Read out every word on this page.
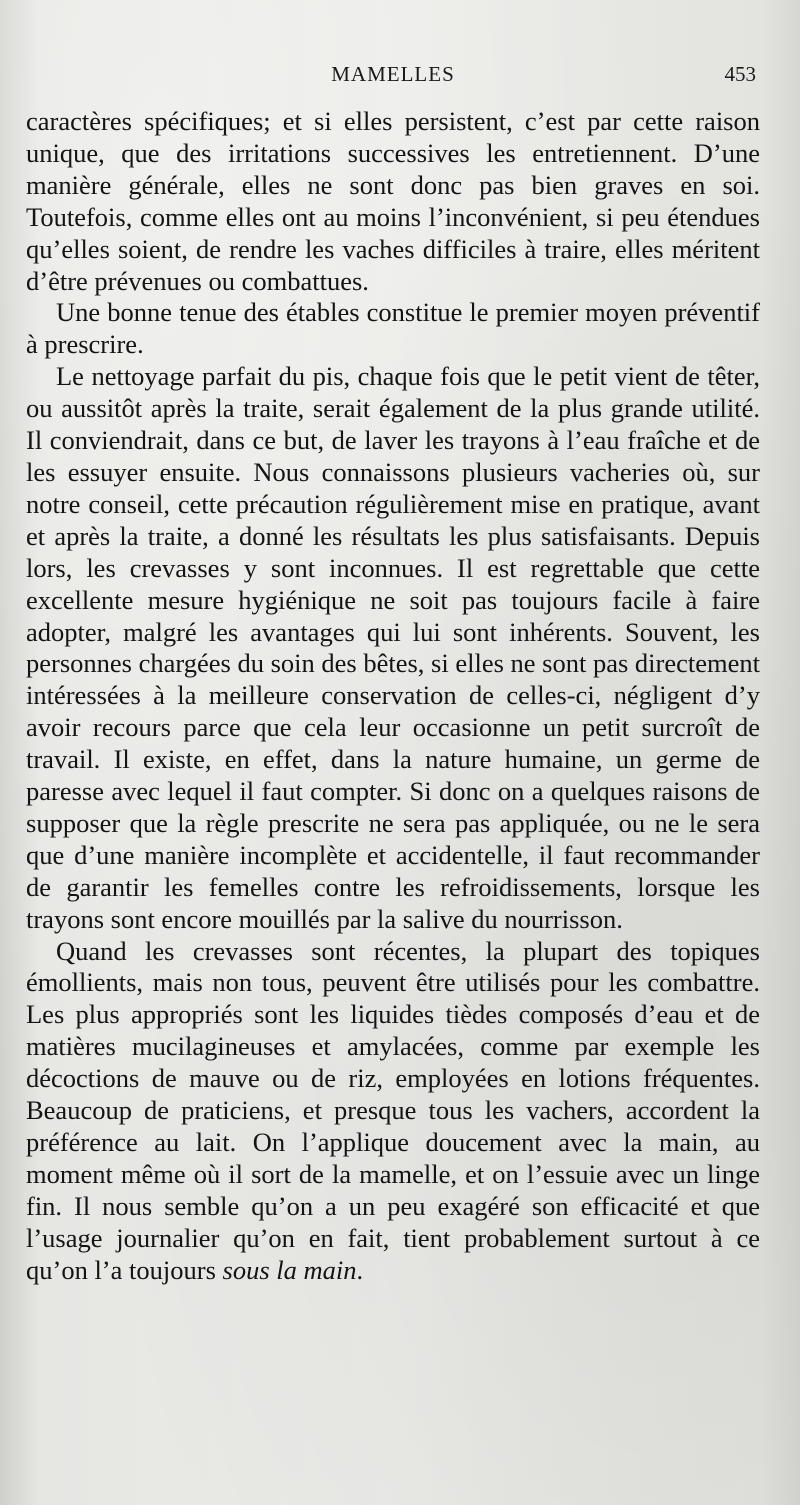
MAMELLES	453

caractères spécifiques; et si elles persistent, c’est par cette raison unique, que des irritations successives les entretiennent. D’une manière générale, elles ne sont donc pas bien graves en soi. Toutefois, comme elles ont au moins l’inconvénient, si peu étendues qu’elles soient, de rendre les vaches difficiles à traire, elles méritent d’être prévenues ou combattues.

Une bonne tenue des étables constitue le premier moyen préventif à prescrire.

Le nettoyage parfait du pis, chaque fois que le petit vient de têter, ou aussitôt après la traite, serait également de la plus grande utilité. Il conviendrait, dans ce but, de laver les trayons à l’eau fraîche et de les essuyer ensuite. Nous connaissons plusieurs vacheries où, sur notre conseil, cette précaution régulièrement mise en pratique, avant et après la traite, a donné les résultats les plus satisfaisants. Depuis lors, les crevasses y sont inconnues. Il est regrettable que cette excellente mesure hygiénique ne soit pas toujours facile à faire adopter, malgré les avantages qui lui sont inhérents. Souvent, les personnes chargées du soin des bêtes, si elles ne sont pas directement intéressées à la meilleure conservation de celles-ci, négligent d’y avoir recours parce que cela leur occasionne un petit surcroît de travail. Il existe, en effet, dans la nature humaine, un germe de paresse avec lequel il faut compter. Si donc on a quelques raisons de supposer que la règle prescrite ne sera pas appliquée, ou ne le sera que d’une manière incomplète et accidentelle, il faut recommander de garantir les femelles contre les refroidissements, lorsque les trayons sont encore mouillés par la salive du nourrisson.

Quand les crevasses sont récentes, la plupart des topiques émollients, mais non tous, peuvent être utilisés pour les combattre. Les plus appropriés sont les liquides tièdes composés d’eau et de matières mucilagineuses et amylacées, comme par exemple les décoctions de mauve ou de riz, employées en lotions fréquentes. Beaucoup de praticiens, et presque tous les vachers, accordent la préférence au lait. On l’applique doucement avec la main, au moment même où il sort de la mamelle, et on l’essuie avec un linge fin. Il nous semble qu’on a un peu exagéré son efficacité et que l’usage journalier qu’on en fait, tient probablement surtout à ce qu’on l’a toujours sous la main.
